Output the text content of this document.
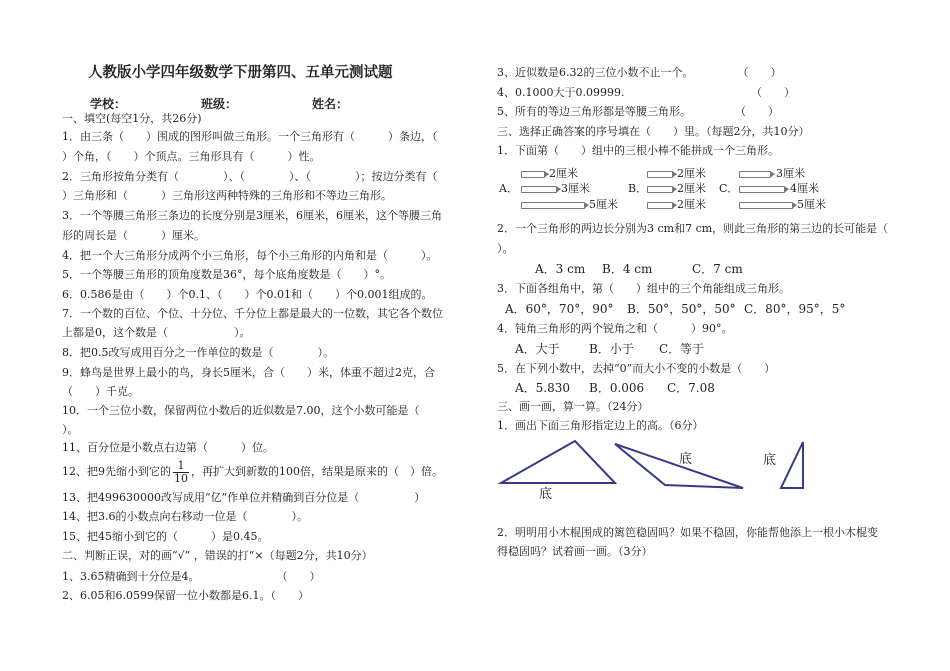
人教版小学四年级数学下册第四、五单元测试题
学校：	班级：	姓名：
一、填空(每空1分，共26分)
1．由三条（　　）围成的图形叫做三角形。一个三角形有（　　　）条边，（
）个角，（　　）个顶点。三角形具有（　　　）性。
2．三角形按角分类有（　　　　）、（　　　　）、（　　　　）；按边分类有（
）三角形和（　　　）三角形这两种特殊的三角形和不等边三角形。
3．一个等腰三角形三条边的长度分别是3厘米，6厘米，6厘米，这个等腰三角
形的周长是（　　　）厘米。
4．把一个大三角形分成两个小三角形，每个小三角形的内角和是（　　　）。
5．一个等腰三角形的顶角度数是36°，每个底角度数是（　　）°。
6．0.586是由（　　）个0.1、（　　）个0.01和（　　）个0.001组成的。
7．一个数的百位、个位、十分位、千分位上都是最大的一位数，其它各个数位
上都是0，这个数是（　　　　　　）。
8．把0.5改写成用百分之一作单位的数是（　　　　）。
9．蜂鸟是世界上最小的鸟，身长5厘米，合（　　）米，体重不超过2克，合
（　　）千克。
10．一个三位小数，保留两位小数后的近似数是7.00，这个小数可能是（
）。
11、百分位是小数点右边第（　　　）位。
12、把9先缩小到它的 $\frac{1}{10}$ ，再扩大到新数的100倍，结果是原来的（　）倍。
13、把499630000改写成用“亿”作单位并精确到百分位是（　　　　　）
14、把3.6的小数点向右移动一位是（　　　　）。
15、把45缩小到它的（　　　）是0.45。
二、判断正误，对的画“√” ，错误的打“×（每题2分，共10分）
1、3.65精确到十分位是4。　　　　　　　　（　　）
2、6.05和6.0599保留一位小数都是6.1。（　　）
3、近似数是6.32的三位小数不止一个。　　　　　（　　）
4、0.1000大于0.09999.　　　　　　　　　　　　（　　）
5、所有的等边三角形都是等腰三角形。　　　　　（　　）
三、选择正确答案的序号填在（　　）里。（每题2分，共10分）
1．下面第（　　）组中的三根小棒不能拼成一个三角形。
A．
2厘米
3厘米
5厘米
B．
2厘米
2厘米
2厘米
C．
3厘米
4厘米
5厘米
2．一个三角形的两边长分别为3 cm和7 cm，则此三角形的第三边的长可能是（
）。
A．3 cm B．4 cm	C．7 cm
3．下面各组角中，第（　　）组中的三个角能组成三角形。
A．60°，70°，90° B．50°，50°，50° C．80°，95°，5°
4．钝角三角形的两个锐角之和（　　　）90°。
A．大于 B．小于 C．等于
5．在下列小数中，去掉“0”而大小不变的小数是（　　）
A．5.830 B．0.006 C．7.08
三、画一画，算一算。（24分）
1．画出下面三角形指定边上的高。（6分）
底
底	底
2．明明用小木棍围成的篱笆稳固吗？如果不稳固，你能帮他添上一根小木棍变
得稳固吗？试着画一画。（3分）
